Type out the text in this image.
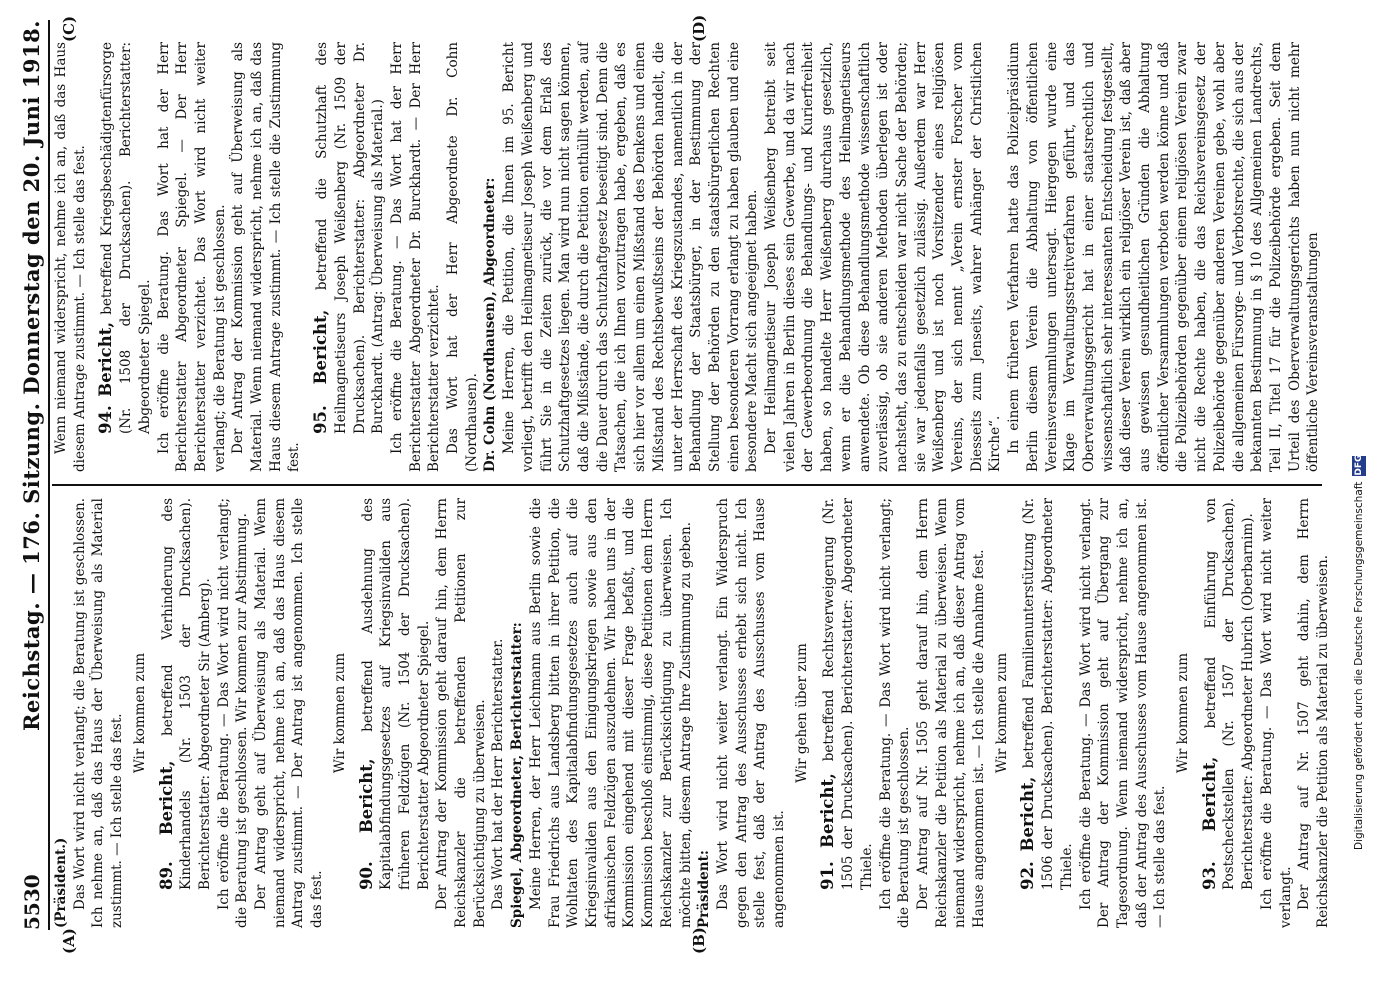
5530
Reichstag. — 176. Sitzung. Donnerstag den 20. Juni 1918.
(A)	(B)
(C)	(D)

(Präsident.) Das Wort wird nicht verlangt; die Beratung ist geschlossen. Ich nehme an, daß das Haus der Überweisung als Material zustimmt. — Ich stelle das fest.

Wir kommen zum

89. Bericht, betreffend Verhinderung des Kinderhandels (Nr. 1503 der Drucksachen). Berichterstatter: Abgeordneter Sir (Amberg). Ich eröffne die Beratung. — Das Wort wird nicht verlangt; die Beratung ist geschlossen. Wir kommen zur Abstimmung. Der Antrag geht auf Überweisung als Material. Wenn niemand widerspricht, nehme ich an, daß das Haus diesem Antrag zustimmt. — Der Antrag ist angenommen. Ich stelle das fest.

Wir kommen zum

90. Bericht, betreffend Ausdehnung des Kapitalabfindungsgesetzes auf Kriegsinvaliden aus früheren Feldzügen (Nr. 1504 der Drucksachen). Berichterstatter Abgeordneter Spiegel. Der Antrag der Kommission geht darauf hin, dem Herrn Reichskanzler die betreffenden Petitionen zur Berücksichtigung zu überweisen. Das Wort hat der Herr Berichterstatter. Spiegel, Abgeordneter, Berichterstatter: Meine Herren, der Herr Leichmann aus Berlin sowie die Frau Friedrichs aus Landsberg bitten in ihrer Petition, die Wohltaten des Kapitalabfindungsgesetzes auch auf die Kriegsinvaliden aus den Einigungskriegen sowie aus den afrikanischen Feldzügen auszudehnen. Wir haben uns in der Kommission eingehend mit dieser Frage befaßt, und die Kommission beschloß einstimmig, diese Petitionen dem Herrn Reichskanzler zur Berücksichtigung zu überweisen. Ich möchte bitten, diesem Antrage Ihre Zustimmung zu geben. Präsident: Das Wort wird nicht weiter verlangt. Ein Widerspruch gegen den Antrag des Ausschusses erhebt sich nicht. Ich stelle fest, daß der Antrag des Ausschusses vom Hause angenommen ist.

Wir gehen über zum

91. Bericht, betreffend Rechtsverweigerung (Nr. 1505 der Drucksachen). Berichterstatter: Abgeordneter Thiele. Ich eröffne die Beratung. — Das Wort wird nicht verlangt; die Beratung ist geschlossen. Der Antrag auf Nr. 1505 geht darauf hin, dem Herrn Reichskanzler die Petition als Material zu überweisen. Wenn niemand widerspricht, nehme ich an, daß dieser Antrag vom Hause angenommen ist. — Ich stelle die Annahme fest. Wir kommen zum

92. Bericht, betreffend Familienunterstützung (Nr. 1506 der Drucksachen). Berichterstatter: Abgeordneter Thiele. Ich eröffne die Beratung. — Das Wort wird nicht verlangt. Der Antrag der Kommission geht auf Übergang zur Tagesordnung. Wenn niemand widerspricht, nehme ich an, daß der Antrag des Ausschusses vom Hause angenommen ist. — Ich stelle das fest.

Wir kommen zum

93. Bericht, betreffend Einführung von Postscheckstellen (Nr. 1507 der Drucksachen). Berichterstatter: Abgeordneter Hubrich (Oberbarnim). Ich eröffne die Beratung. — Das Wort wird nicht weiter verlangt. Der Antrag auf Nr. 1507 geht dahin, dem Herrn Reichskanzler die Petition als Material zu überweisen.

Wenn niemand widerspricht, nehme ich an, daß das Haus diesem Antrage zustimmt. — Ich stelle das fest. 94. Bericht, betreffend Kriegsbeschädigtenfürsorge (Nr. 1508 der Drucksachen). Berichterstatter: Abgeordneter Spiegel. Ich eröffne die Beratung. Das Wort hat der Herr Berichterstatter Abgeordneter Spiegel. — Der Herr Berichterstatter verzichtet. Das Wort wird nicht weiter verlangt; die Beratung ist geschlossen. Der Antrag der Kommission geht auf Überweisung als Material. Wenn niemand widerspricht, nehme ich an, daß das Haus diesem Antrage zustimmt. — Ich stelle die Zustimmung fest.

95. Bericht, betreffend die Schutzhaft des Heilmagnetiseurs Joseph Weißenberg (Nr. 1509 der Drucksachen). Berichterstatter: Abgeordneter Dr. Burckhardt. (Antrag: Überweisung als Material.) Ich eröffne die Beratung. — Das Wort hat der Herr Berichterstatter Abgeordneter Dr. Burckhardt. — Der Herr Berichterstatter verzichtet. Das Wort hat der Herr Abgeordnete Dr. Cohn (Nordhausen). Dr. Cohn (Nordhausen), Abgeordneter: Meine Herren, die Petition, die Ihnen im 95. Bericht vorliegt, betrifft den Heilmagnetiseur Joseph Weißenberg und führt Sie in die Zeiten zurück, die vor dem Erlaß des Schutzhaftgesetzes liegen. Man wird nun nicht sagen können, daß die Mißstände, die durch die Petition enthüllt werden, auf die Dauer durch das Schutzhaftgesetz beseitigt sind. Denn die Tatsachen, die ich Ihnen vorzutragen habe, ergeben, daß es sich hier vor allem um einen Mißstand des Denkens und einen Mißstand des Rechtsbewußtseins der Behörden handelt, die unter der Herrschaft des Kriegszustandes, namentlich in der Behandlung der Staatsbürger, in der Bestimmung der Stellung der Behörden zu den staatsbürgerlichen Rechten einen besonderen Vorrang erlangt zu haben glauben und eine besondere Macht sich angeeignet haben. Der Heilmagnetiseur Joseph Weißenberg betreibt seit vielen Jahren in Berlin dieses sein Gewerbe, und da wir nach der Gewerbeordnung die Behandlungs- und Kurierfreiheit haben, so handelte Herr Weißenberg durchaus gesetzlich, wenn er die Behandlungsmethode des Heilmagnetiseurs anwendete. Ob diese Behandlungsmethode wissenschaftlich zuverlässig, ob sie anderen Methoden überlegen ist oder nachsteht, das zu entscheiden war nicht Sache der Behörden; sie war jedenfalls gesetzlich zulässig. Außerdem war Herr Weißenberg und ist noch Vorsitzender eines religiösen Vereins, der sich nennt „Verein ernster Forscher vom Diesseits zum Jenseits, wahrer Anhänger der Christlichen Kirche“. In einem früheren Verfahren hatte das Polizeipräsidium Berlin diesem Verein die Abhaltung von öffentlichen Vereinsversammlungen untersagt. Hiergegen wurde eine Klage im Verwaltungsstreitverfahren geführt, und das Oberverwaltungsgericht hat in einer staatsrechtlich und wissenschaftlich sehr interessanten Entscheidung festgestellt, daß dieser Verein wirklich ein religiöser Verein ist, daß aber aus gewissen gesundheitlichen Gründen die Abhaltung öffentlicher Versammlungen verboten werden könne und daß die Polizeibehörden gegenüber einem religiösen Verein zwar nicht die Rechte haben, die das Reichsvereinsgesetz der Polizeibehörde gegenüber anderen Vereinen gebe, wohl aber die allgemeinen Fürsorge- und Verbotsrechte, die sich aus der bekannten Bestimmung in § 10 des Allgemeinen Landrechts, Teil II, Titel 17 für die Polizeibehörde ergeben. Seit dem Urteil des Oberverwaltungsgerichts haben nun nicht mehr öffentliche Vereinsveranstaltungen

Digitalisierung gefördert durch die Deutsche Forschungsgemeinschaft
DFG
